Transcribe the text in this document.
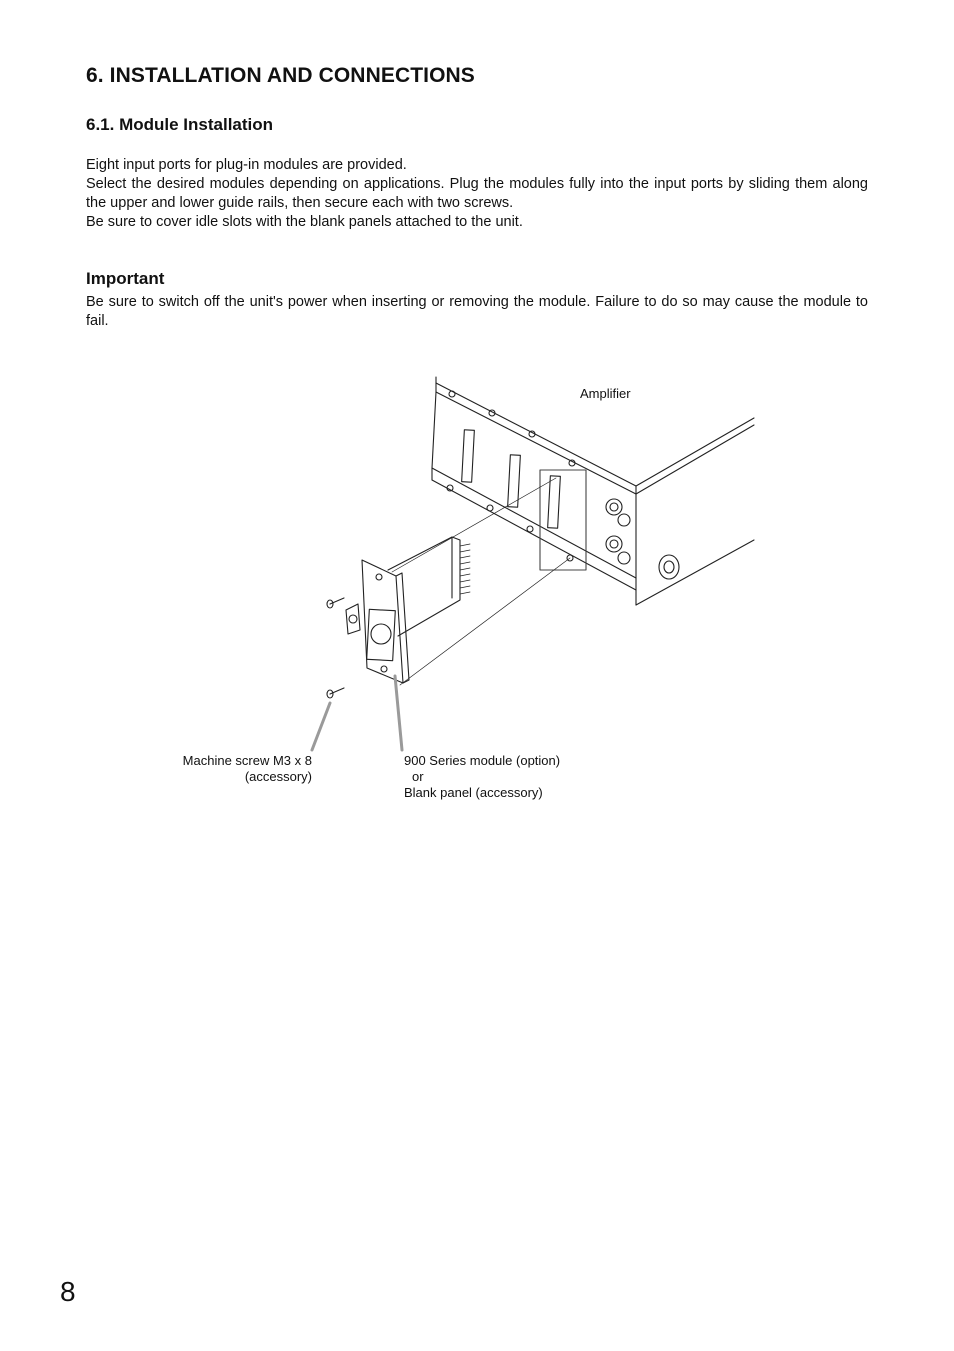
6. INSTALLATION AND CONNECTIONS
6.1. Module Installation

Eight input ports for plug-in modules are provided.

Select the desired modules depending on applications. Plug the modules fully into the input ports by sliding them along the upper and lower guide rails, then secure each with two screws.

Be sure to cover idle slots with the blank panels attached to the unit.

Important

Be sure to switch off the unit's power when inserting or removing the module. Failure to do so may cause the module to fail.

Amplifier
Machine screw M3 x 8
(accessory)
900 Series module (option)
or
Blank panel (accessory)
8
